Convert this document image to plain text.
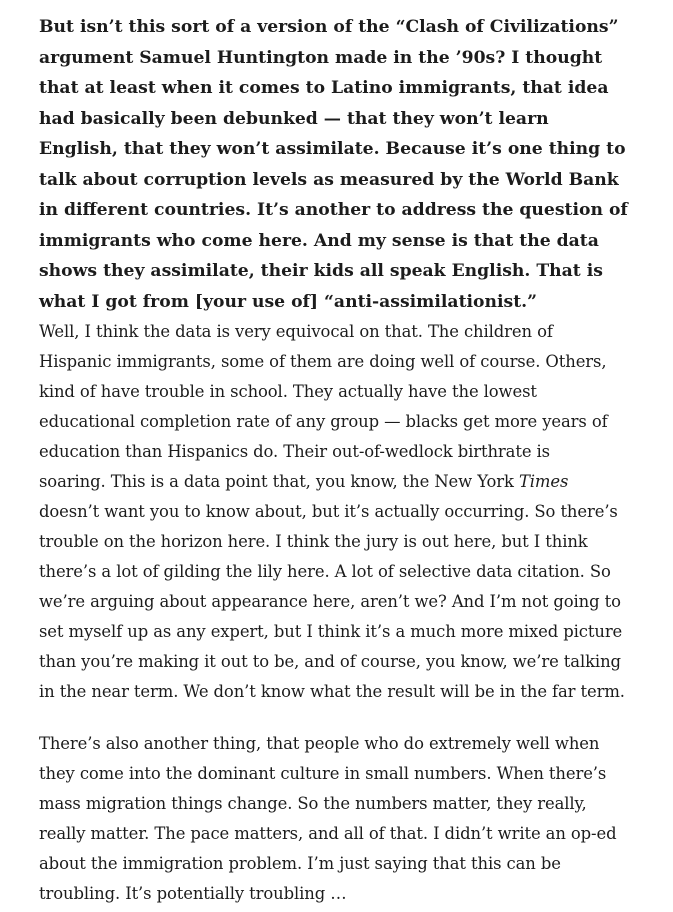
But isn’t this sort of a version of the “Clash of Civilizations”
argument Samuel Huntington made in the ’90s? I thought
that at least when it comes to Latino immigrants, that idea
had basically been debunked — that they won’t learn
English, that they won’t assimilate. Because it’s one thing to
talk about corruption levels as measured by the World Bank
in different countries. It’s another to address the question of
immigrants who come here. And my sense is that the data
shows they assimilate, their kids all speak English. That is
what I got from [your use of] “anti-assimilationist.”

Well, I think the data is very equivocal on that. The children of
Hispanic immigrants, some of them are doing well of course. Others,
kind of have trouble in school. They actually have the lowest
educational completion rate of any group — blacks get more years of
education than Hispanics do. Their out-of-wedlock birthrate is
soaring. This is a data point that, you know, the New York Times
doesn’t want you to know about, but it’s actually occurring. So there’s
trouble on the horizon here. I think the jury is out here, but I think
there’s a lot of gilding the lily here. A lot of selective data citation. So
we’re arguing about appearance here, aren’t we? And I’m not going to
set myself up as any expert, but I think it’s a much more mixed picture
than you’re making it out to be, and of course, you know, we’re talking
in the near term. We don’t know what the result will be in the far term.

There’s also another thing, that people who do extremely well when
they come into the dominant culture in small numbers. When there’s
mass migration things change. So the numbers matter, they really,
really matter. The pace matters, and all of that. I didn’t write an op-ed
about the immigration problem. I’m just saying that this can be
troubling. It’s potentially troubling …
